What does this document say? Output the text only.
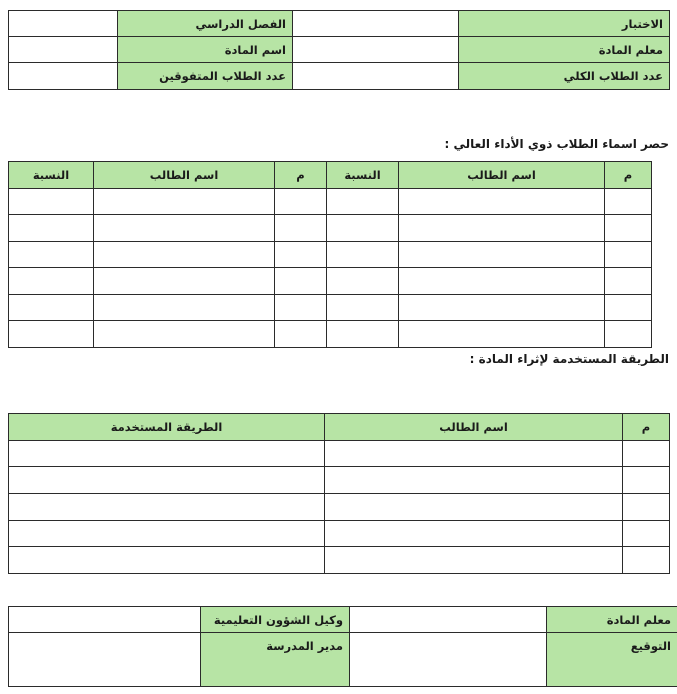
الاختبار		الفصل الدراسي	
معلم المادة		اسم المادة	
عدد الطلاب الكلي		عدد الطلاب المتفوقين	

حصر اسماء الطلاب ذوي الأداء العالي :

م	اسم الطالب	النسبة	م	اسم الطالب	النسبة

الطريقة المستخدمة لإثراء المادة :

م	اسم الطالب	الطريقة المستخدمة

معلم المادة		وكيل الشؤون التعليمية	
التوقيع		مدير المدرسة	
